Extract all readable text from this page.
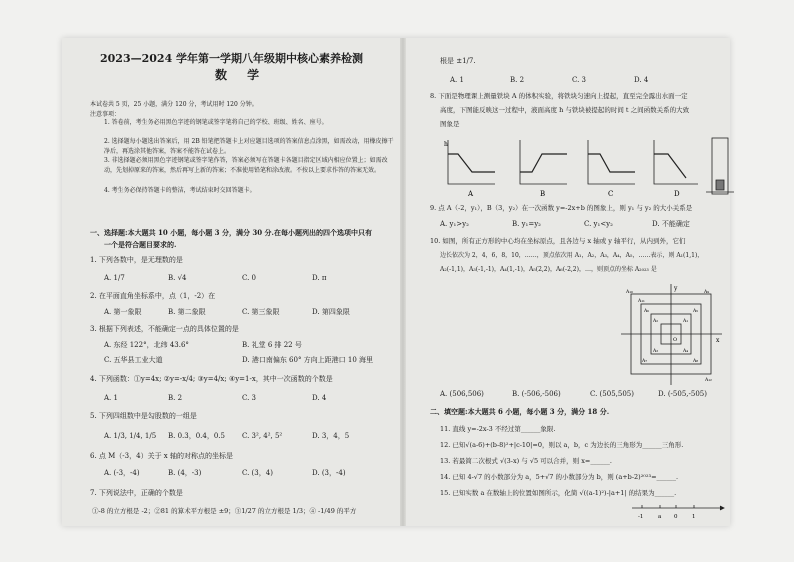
2023—2024 学年第一学期八年级期中核心素养检测
数 学
本试卷共 5 页，25 小题，满分 120 分，考试用时 120 分钟。
注意事项：
1. 答卷前，考生务必用黑色字迹的钢笔或签字笔将自己的学校、班级、姓名、座号。
2. 选择题每小题选出答案后，用 2B 铅笔把答题卡上对应题目选项的答案信息点涂黑，如需改动，用橡皮擦干净后，再选涂其他答案，答案不能答在试卷上。
3. 非选择题必须用黑色字迹钢笔或签字笔作答，答案必须写在答题卡各题目指定区域内相应位置上；如需改动，先划掉原来的答案，然后再写上新的答案；不准使用铅笔和涂改液。不按以上要求作答的答案无效。
4. 考生务必保持答题卡的整洁，考试结束时交回答题卡。
一、选择题:本大题共 10 小题，每小题 3 分，满分 30 分.在每小题列出的四个选项中只有
一个是符合题目要求的.
1. 下列各数中，是无理数的是
A. 1/7	B. √4	C. 0	D. π
2. 在平面直角坐标系中，点（1，-2）在
A. 第一象限	B. 第二象限	C. 第三象限	D. 第四象限
3. 根据下列表述，不能确定一点的具体位置的是
A. 东经 122°，北纬 43.6°	B. 礼堂 6 排 22 号
C. 五华县工业大道	D. 港口南偏东 60° 方向上距港口 10 海里
4. 下列函数：①y=4x; ②y=-x/4; ③y=4/x; ④y=1-x，其中一次函数的个数是
A. 1	B. 2	C. 3	D. 4
5. 下列四组数中是勾股数的一组是
A. 1/3, 1/4, 1/5 B. 0.3，0.4，0.5 C. 3², 4², 5²	D. 3，4，5
6. 点 M（-3，4）关于 x 轴的对称点的坐标是
A. (-3，-4)	B. (4，-3)	C. (3，4)	D. (3，-4)
7. 下列说法中，正确的个数是
①-8 的立方根是 -2；②81 的算术平方根是 ±9；③1/27 的立方根是 1/3；④ -1/49 的平方
根是 ±1/7.
A. 1	B. 2	C. 3	D. 4
8. 下面是物理课上测量铁块 A 的体积实验，将铁块匀速向上提起，直至完全露出水面一定
高度，下图能反映这一过程中，液面高度 h 与铁块被提起的时间 t 之间函数关系的大致
图象是
h
A	B	C	D
9. 点 A（-2，y₁），B（3，y₂）在一次函数 y=-2x+b 的图象上，则 y₁ 与 y₂ 的大小关系是
A. y₁>y₂	B. y₁=y₂	C. y₁<y₂	D. 不能确定
10. 如图，所有正方形的中心均在坐标原点，且各边与 x 轴或 y 轴平行，从内到外，它们
边长依次为 2，4，6，8，10，……，顶点依次用 A₁，A₂，A₃，A₄，A₅，……表示，则 A₁(1,1)，
A₂(-1,1)，A₃(-1,-1)，A₄(1,-1)，A₅(2,2)，A₆(-2,2)，…，则顶点的坐标 A₂₀₂₃ 是
y
x
O
A₁₀
A₁₁
A₉
A₆
A₇	A₈
A₅
A₁
A₂
A₃	A₄
A₁₂
A. (506,506)	B. (-506,-506)	C. (505,505)	D. (-505,-505)
二、填空题:本大题共 6 小题，每小题 3 分，满分 18 分.
11. 直线 y=-2x-3 不经过第______象限.
12. 已知√(a-6)+(b-8)²+|c-10|=0，则以 a，b，c 为边长的三角形为______三角形.
13. 若最简二次根式 √(3-x) 与 √5 可以合并，则 x=______.
14. 已知 4-√7 的小数部分为 a，5+√7 的小数部分为 b，则 (a+b-2)²⁰²³=______.
15. 已知实数 a 在数轴上的位置如图所示，化简 √((a-1)²)-|a+1| 的结果为______.
-1	a 0	1
